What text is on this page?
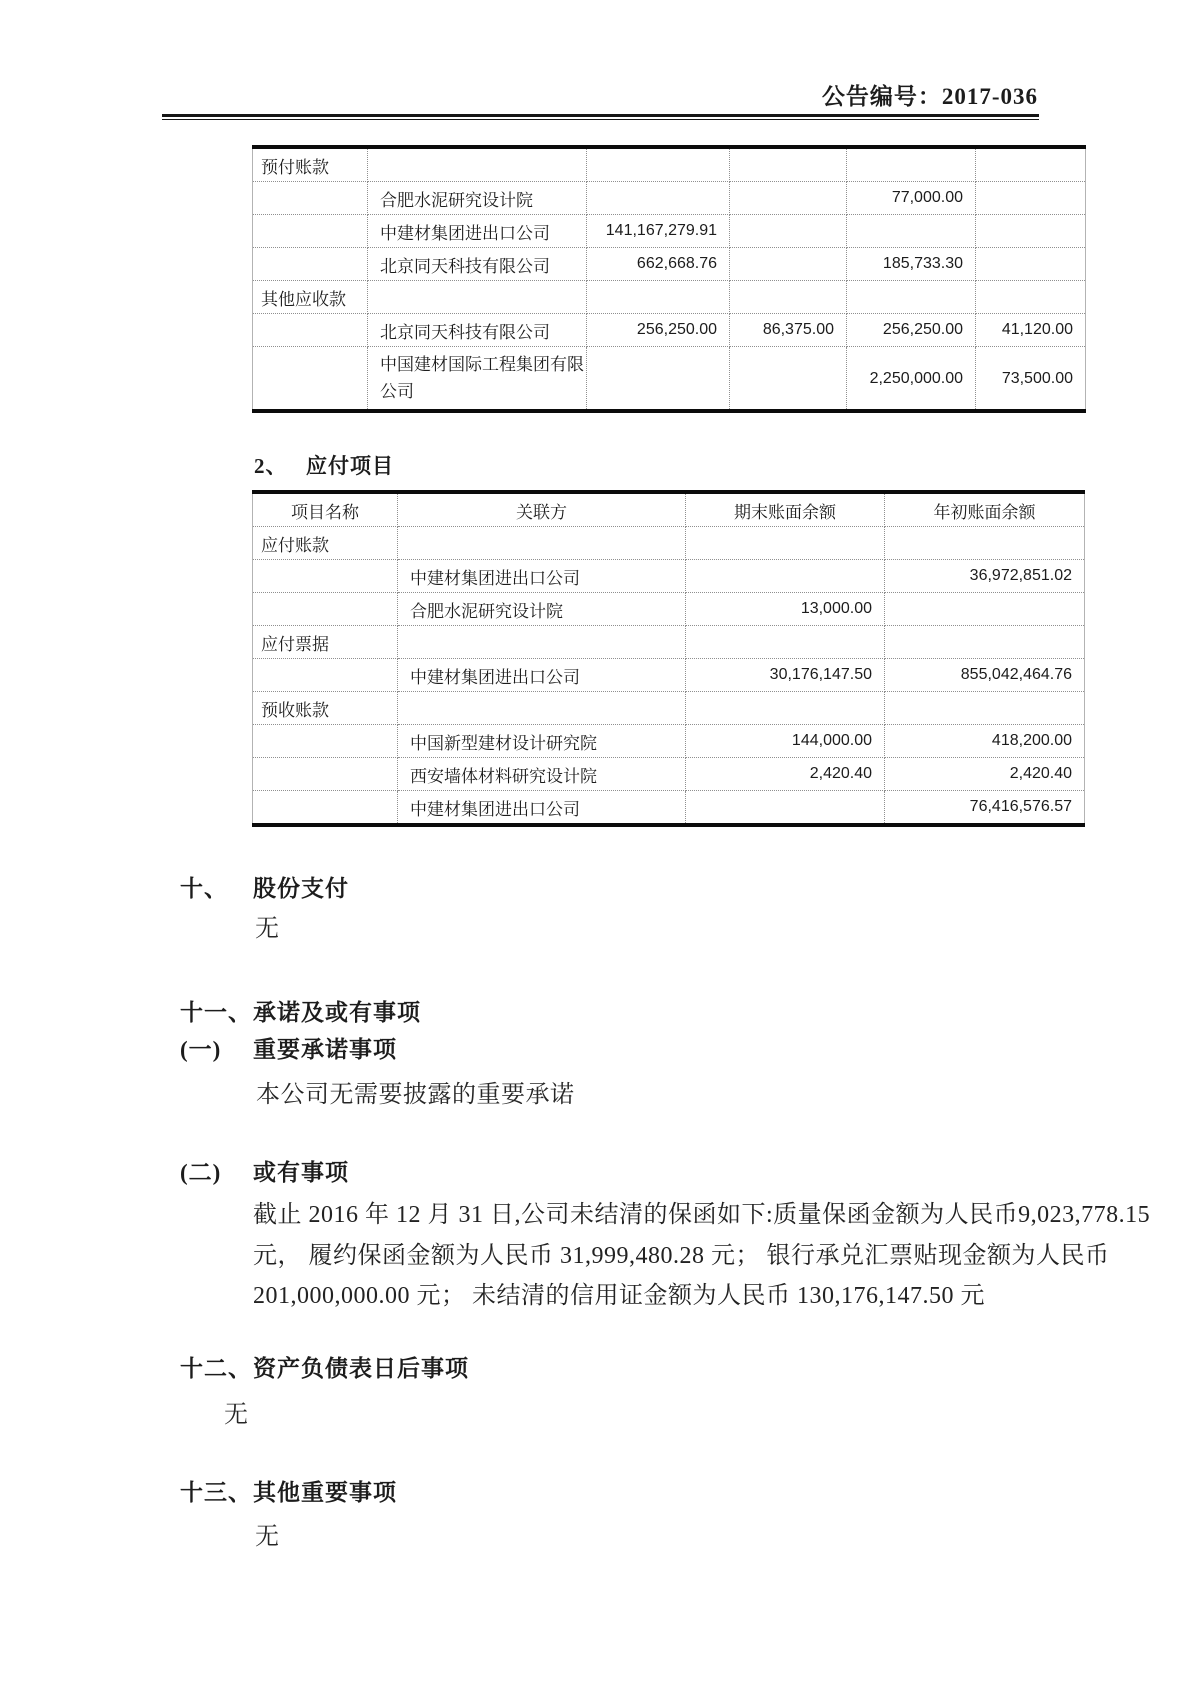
公告编号：2017-036
预付账款					
	合肥水泥研究设计院			77,000.00	
	中建材集团进出口公司	141,167,279.91			
	北京同天科技有限公司	662,668.76		185,733.30	
其他应收款					
	北京同天科技有限公司	256,250.00	86,375.00	256,250.00	41,120.00
	中国建材国际工程集团有限公司			2,250,000.00	73,500.00
2、 应付项目
项目名称	关联方	期末账面余额	年初账面余额
应付账款			
	中建材集团进出口公司		36,972,851.02
	合肥水泥研究设计院	13,000.00	
应付票据			
	中建材集团进出口公司	30,176,147.50	855,042,464.76
预收账款			
	中国新型建材设计研究院	144,000.00	418,200.00
	西安墙体材料研究设计院	2,420.40	2,420.40
	中建材集团进出口公司		76,416,576.57
十、	股份支付
无
十一、 承诺及或有事项
(一)	重要承诺事项
本公司无需要披露的重要承诺
(二)	或有事项
截止 2016 年 12 月 31 日,公司未结清的保函如下:质量保函金额为人民币9,023,778.15
元， 履约保函金额为人民币 31,999,480.28 元； 银行承兑汇票贴现金额为人民币
201,000,000.00 元； 未结清的信用证金额为人民币 130,176,147.50 元
十二、 资产负债表日后事项
无
十三、 其他重要事项
无
